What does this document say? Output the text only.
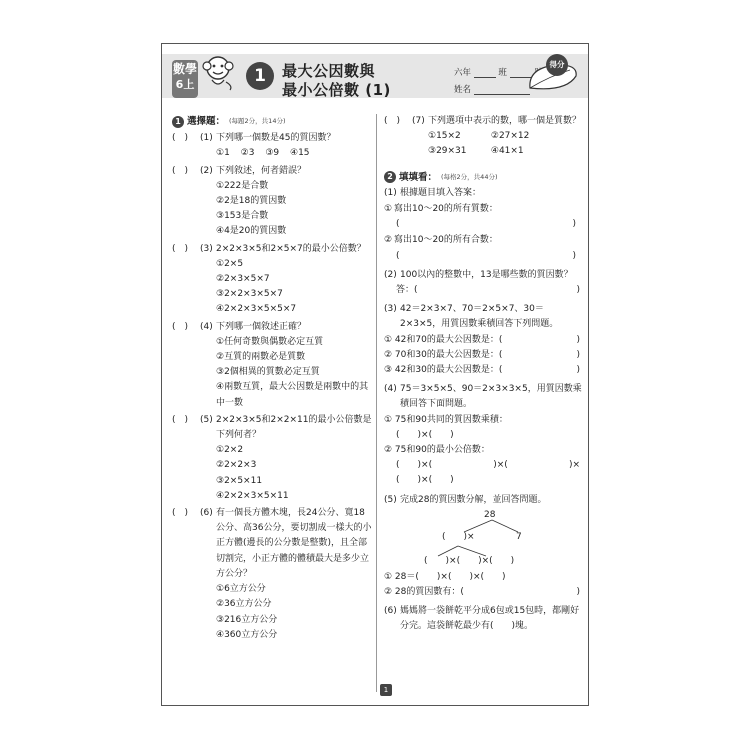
數學
6上	1	最大公因數與
最小公倍數 (1)
六年	班
姓名
得分
1 選擇題： (每題2分，共14分)
(　)	(1) 下列哪一個數是45的質因數？
①1 ②3 ③9 ④15
(　)	(2) 下列敘述，何者錯誤？
①222是合數
②2是18的質因數
③153是合數
④4是20的質因數
(　)	(3) 2×2×3×5和2×5×7的最小公倍數？
①2×5
②2×3×5×7
③2×2×3×5×7
④2×2×3×5×5×7
(　)	(4) 下列哪一個敘述正確？
①任何奇數與偶數必定互質
②互質的兩數必是質數
③2個相異的質數必定互質
④兩數互質，最大公因數是兩數中的其中一數
(　)	(5) 2×2×3×5和2×2×11的最小公倍數是下列何者？
①2×2
②2×2×3
③2×5×11
④2×2×3×5×11
(　)	(6) 有一個長方體木塊，長24公分、寬18公分、高36公分，要切割成一樣大的小正方體(邊長的公分數是整數)，且全部切割完，小正方體的體積最大是多少立方公分？
①6立方公分
②36立方公分
③216立方公分
④360立方公分
(　)	(7) 下列選項中表示的數，哪一個是質數？
①15×2	②27×12
③29×31	④41×1
2 填填看： (每格2分，共44分)
(1) 根據題目填入答案：
① 寫出10～20的所有質數：
(	)
② 寫出10～20的所有合數：
(	)
(2) 100以內的整數中，13是哪些數的質因數？
答：(	)
(3) 42＝2×3×7、70＝2×5×7、30＝2×3×5，用質因數乘積回答下列問題。
① 42和70的最大公因數是：(	)
② 70和30的最大公因數是：(	)
③ 42和30的最大公因數是：(	)
(4) 75＝3×5×5、90＝2×3×3×5，用質因數乘積回答下面問題。
① 75和90共同的質因數乘積：
(　　)×(　　)
② 75和90的最小公倍數：
(　　)×(	)×(	)×
(　　)×(　　)
(5) 完成28的質因數分解，並回答問題。
28
(　　)×	7
(　　)×(　　)×(　　)
① 28＝(　　)×(　　)×(　　)
② 28的質因數有：(	)
(6) 媽媽將一袋餅乾平分成6包或15包時，都剛好分完。這袋餅乾最少有(　　)塊。
1
